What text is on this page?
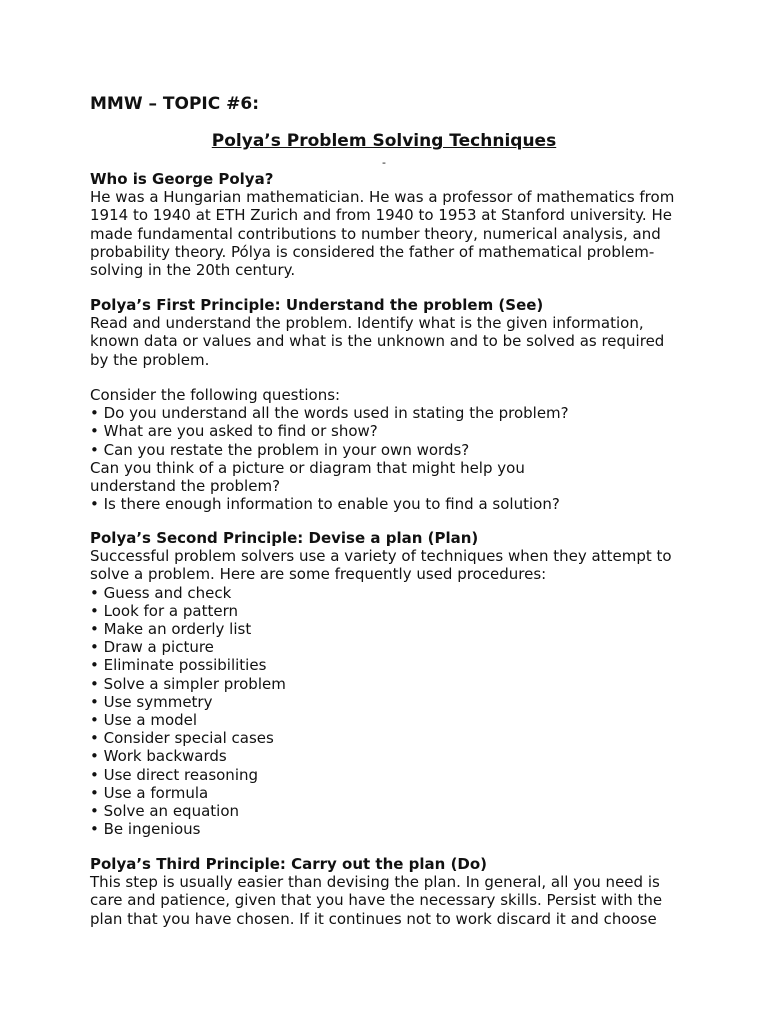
MMW – TOPIC #6:
Polya’s Problem Solving Techniques
-
Who is George Polya?
He was a Hungarian mathematician. He was a professor of mathematics from
1914 to 1940 at ETH Zurich and from 1940 to 1953 at Stanford university. He
made fundamental contributions to number theory, numerical analysis, and
probability theory. Pólya is considered the father of mathematical problem-
solving in the 20th century.
Polya’s First Principle: Understand the problem (See)
Read and understand the problem. Identify what is the given information,
known data or values and what is the unknown and to be solved as required
by the problem.
Consider the following questions:
• Do you understand all the words used in stating the problem?
• What are you asked to find or show?
• Can you restate the problem in your own words?
Can you think of a picture or diagram that might help you
understand the problem?
• Is there enough information to enable you to find a solution?
Polya’s Second Principle: Devise a plan (Plan)
Successful problem solvers use a variety of techniques when they attempt to
solve a problem. Here are some frequently used procedures:
• Guess and check
• Look for a pattern
• Make an orderly list
• Draw a picture
• Eliminate possibilities
• Solve a simpler problem
• Use symmetry
• Use a model
• Consider special cases
• Work backwards
• Use direct reasoning
• Use a formula
• Solve an equation
• Be ingenious
Polya’s Third Principle: Carry out the plan (Do)
This step is usually easier than devising the plan. In general, all you need is
care and patience, given that you have the necessary skills. Persist with the
plan that you have chosen. If it continues not to work discard it and choose
